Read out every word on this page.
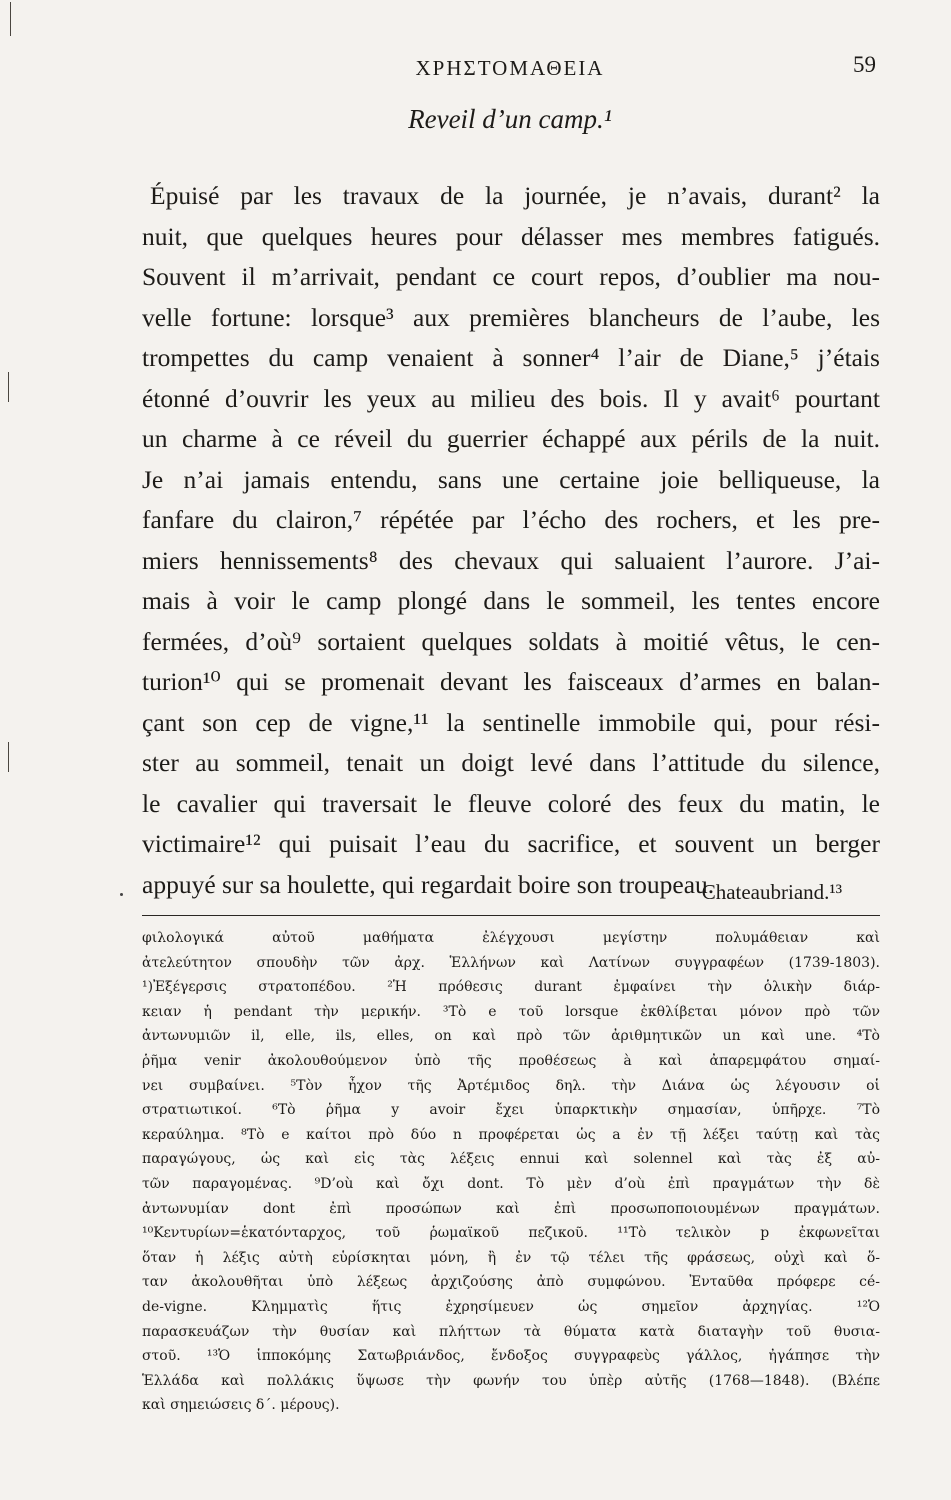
ΧΡΗΣΤΟΜΑΘΕΙΑ	59
Reveil d’un camp.¹
Épuisé par les travaux de la journée, je n’avais, durant² la
nuit, que quelques heures pour délasser mes membres fatigués.
Souvent il m’arrivait, pendant ce court repos, d’oublier ma nou-
velle fortune: lorsque³ aux premières blancheurs de l’aube, les
trompettes du camp venaient à sonner⁴ l’air de Diane,⁵ j’étais
étonné d’ouvrir les yeux au milieu des bois. Il y avait⁶ pourtant
un charme à ce réveil du guerrier échappé aux périls de la nuit.
Je n’ai jamais entendu, sans une certaine joie belliqueuse, la
fanfare du clairon,⁷ répétée par l’écho des rochers, et les pre-
miers hennissements⁸ des chevaux qui saluaient l’aurore. J’ai-
mais à voir le camp plongé dans le sommeil, les tentes encore
fermées, d’où⁹ sortaient quelques soldats à moitié vêtus, le cen-
turion¹⁰ qui se promenait devant les faisceaux d’armes en balan-
çant son cep de vigne,¹¹ la sentinelle immobile qui, pour rési-
ster au sommeil, tenait un doigt levé dans l’attitude du silence,
le cavalier qui traversait le fleuve coloré des feux du matin, le
victimaire¹² qui puisait l’eau du sacrifice, et souvent un berger
appuyé sur sa houlette, qui regardait boire son troupeau.
Chateaubriand.¹³
φιλολογικά αὐτοῦ μαθήματα ἐλέγχουσι μεγίστην πολυμάθειαν καὶ
ἀτελεύτητον σπουδὴν τῶν ἀρχ. Ἑλλήνων καὶ Λατίνων συγγραφέων (1739-1803).
¹)Ἐξέγερσις στρατοπέδου. ²Ἡ πρόθεσις durant ἐμφαίνει τὴν ὁλικὴν διάρ-
κειαν ἡ pendant τὴν μερικήν. ³Τὸ e τοῦ lorsque ἐκθλίβεται μόνον πρὸ τῶν
ἀντωνυμιῶν il, elle, ils, elles, on καὶ πρὸ τῶν ἀριθμητικῶν un καὶ une. ⁴Τὸ
ῥῆμα venir ἀκολουθούμενον ὑπὸ τῆς προθέσεως à καὶ ἀπαρεμφάτου σημαί-
νει συμβαίνει. ⁵Τὸν ἦχον τῆς Ἀρτέμιδος δηλ. τὴν Διάνα ὡς λέγουσιν οἱ
στρατιωτικοί. ⁶Τὸ ῥῆμα y avoir ἔχει ὑπαρκτικὴν σημασίαν, ὑπῆρχε. ⁷Τὸ
κεραύλημα. ⁸Τὸ e καίτοι πρὸ δύο n προφέρεται ὡς a ἐν τῇ λέξει ταύτῃ καὶ τὰς
παραγώγους, ὡς καὶ εἰς τὰς λέξεις ennui καὶ solennel καὶ τὰς ἐξ αὐ-
τῶν παραγομένας. ⁹D’où καὶ ὄχι dont. Τὸ μὲν d’où ἐπὶ πραγμάτων τὴν δὲ
ἀντωνυμίαν dont ἐπὶ προσώπων καὶ ἐπὶ προσωποποιουμένων πραγμάτων.
¹⁰Κεντυρίων=ἑκατόνταρχος, τοῦ ῥωμαϊκοῦ πεζικοῦ. ¹¹Τὸ τελικὸν p ἐκφωνεῖται
ὅταν ἡ λέξις αὐτὴ εὑρίσκηται μόνη, ἢ ἐν τῷ τέλει τῆς φράσεως, οὐχὶ καὶ ὅ-
ταν ἀκολουθῆται ὑπὸ λέξεως ἀρχιζούσης ἀπὸ συμφώνου. Ἐνταῦθα πρόφερε cé-
de-vigne. Κλημματὶς ἥτις ἐχρησίμευεν ὡς σημεῖον ἀρχηγίας. ¹²Ὁ
παρασκευάζων τὴν θυσίαν καὶ πλήττων τὰ θύματα κατὰ διαταγὴν τοῦ θυσια-
στοῦ. ¹³Ὁ ἱπποκόμης Σατωβριάνδος, ἔνδοξος συγγραφεὺς γάλλος, ἠγάπησε τὴν
Ἑλλάδα καὶ πολλάκις ὕψωσε τὴν φωνήν του ὑπὲρ αὐτῆς (1768—1848). (Βλέπε
καὶ σημειώσεις δ΄. μέρους).
